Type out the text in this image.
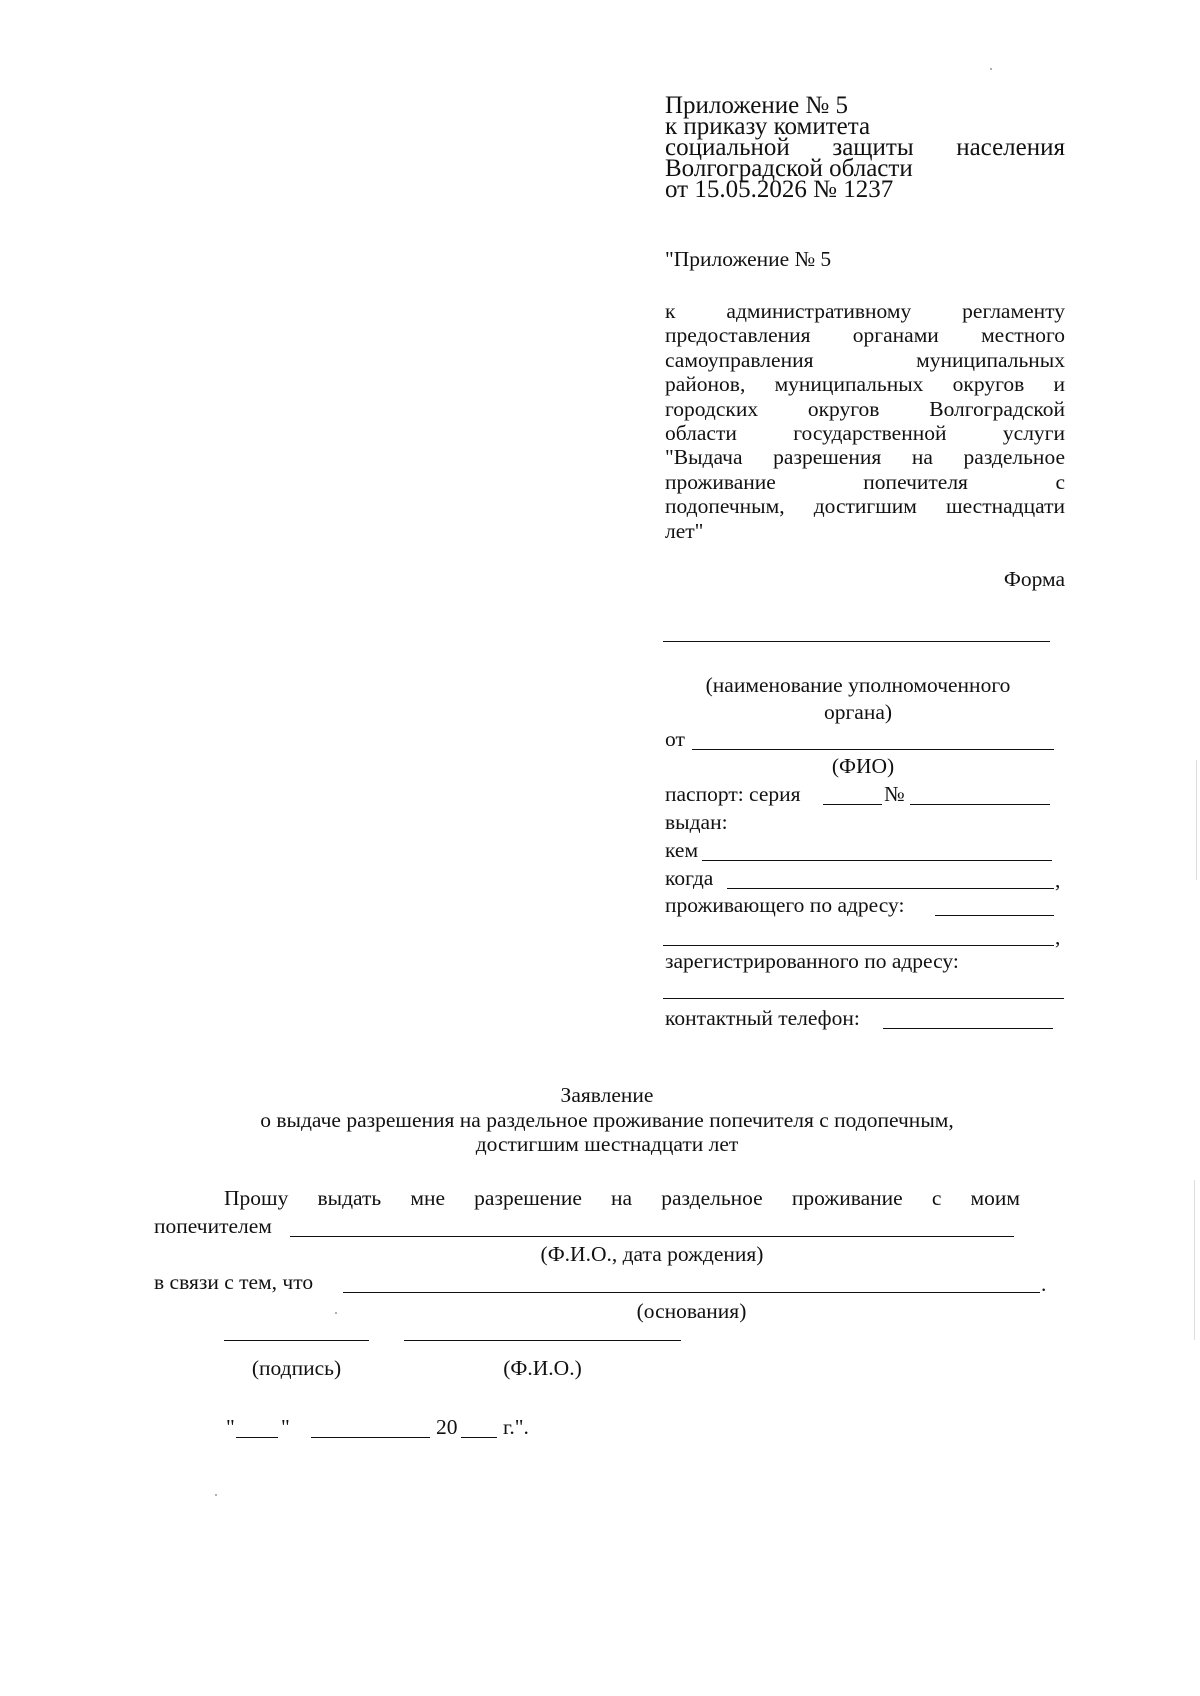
Приложение № 5
к приказу комитета
социальной защиты населения
Волгоградской области
от 15.05.2026 № 1237
"Приложение № 5
к административному регламенту
предоставления органами местного
самоуправления муниципальных
районов, муниципальных округов и
городских округов Волгоградской
области государственной услуги
"Выдача разрешения на раздельное
проживание попечителя с
подопечным, достигшим шестнадцати
лет"
Форма
(наименование уполномоченного
органа)
от
(ФИО)
паспорт: серия	№
выдан:
кем
когда	,
проживающего по адресу:
,
зарегистрированного по адресу:
контактный телефон:
Заявление
о выдаче разрешения на раздельное проживание попечителя с подопечным,
достигшим шестнадцати лет
Прошу выдать мне разрешение на раздельное проживание с моим
попечителем
(Ф.И.О., дата рождения)
в связи с тем, что	.
(основания)
(подпись)	(Ф.И.О.)
" "	20 г.".
